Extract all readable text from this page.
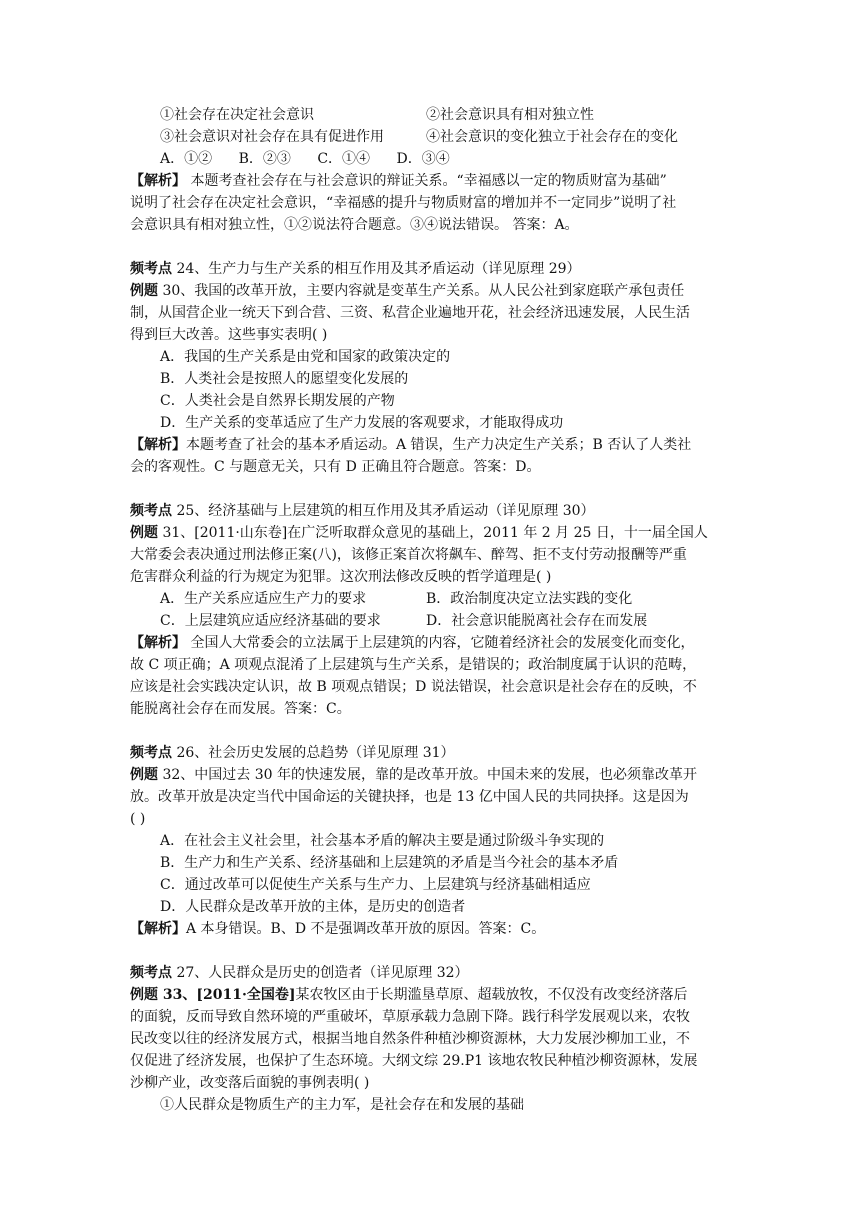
①社会存在决定社会意识	②社会意识具有相对独立性
③社会意识对社会存在具有促进作用	④社会意识的变化独立于社会存在的变化
A．①② B．②③ C．①④ D．③④
【解析】 本题考查社会存在与社会意识的辩证关系。“幸福感以一定的物质财富为基础”
说明了社会存在决定社会意识，“幸福感的提升与物质财富的增加并不一定同步”说明了社
会意识具有相对独立性，①②说法符合题意。③④说法错误。 答案：A。
频考点 24、生产力与生产关系的相互作用及其矛盾运动（详见原理 29）
例题 30、我国的改革开放，主要内容就是变革生产关系。从人民公社到家庭联产承包责任
制，从国营企业一统天下到合营、三资、私营企业遍地开花，社会经济迅速发展，人民生活
得到巨大改善。这些事实表明( )
A．我国的生产关系是由党和国家的政策决定的
B．人类社会是按照人的愿望变化发展的
C．人类社会是自然界长期发展的产物
D．生产关系的变革适应了生产力发展的客观要求，才能取得成功
【解析】本题考查了社会的基本矛盾运动。A 错误，生产力决定生产关系；B 否认了人类社
会的客观性。C 与题意无关，只有 D 正确且符合题意。答案：D。
频考点 25、经济基础与上层建筑的相互作用及其矛盾运动（详见原理 30）
例题 31、[2011·山东卷]在广泛听取群众意见的基础上，2011 年 2 月 25 日，十一届全国人
大常委会表决通过刑法修正案(八)，该修正案首次将飙车、醉驾、拒不支付劳动报酬等严重
危害群众利益的行为规定为犯罪。这次刑法修改反映的哲学道理是( )
A．生产关系应适应生产力的要求	B．政治制度决定立法实践的变化
C．上层建筑应适应经济基础的要求	D．社会意识能脱离社会存在而发展
【解析】 全国人大常委会的立法属于上层建筑的内容，它随着经济社会的发展变化而变化，
故 C 项正确；A 项观点混淆了上层建筑与生产关系，是错误的；政治制度属于认识的范畴，
应该是社会实践决定认识，故 B 项观点错误；D 说法错误，社会意识是社会存在的反映，不
能脱离社会存在而发展。答案：C。
频考点 26、社会历史发展的总趋势（详见原理 31）
例题 32、中国过去 30 年的快速发展，靠的是改革开放。中国未来的发展，也必须靠改革开
放。改革开放是决定当代中国命运的关键抉择，也是 13 亿中国人民的共同抉择。这是因为
( )
A．在社会主义社会里，社会基本矛盾的解决主要是通过阶级斗争实现的
B．生产力和生产关系、经济基础和上层建筑的矛盾是当今社会的基本矛盾
C．通过改革可以促使生产关系与生产力、上层建筑与经济基础相适应
D．人民群众是改革开放的主体，是历史的创造者
【解析】A 本身错误。B、D 不是强调改革开放的原因。答案：C。
频考点 27、人民群众是历史的创造者（详见原理 32）
例题 33、[2011·全国卷]某农牧区由于长期滥垦草原、超载放牧，不仅没有改变经济落后
的面貌，反而导致自然环境的严重破坏，草原承载力急剧下降。践行科学发展观以来，农牧
民改变以往的经济发展方式，根据当地自然条件种植沙柳资源林，大力发展沙柳加工业，不
仅促进了经济发展，也保护了生态环境。大纲文综 29.P1 该地农牧民种植沙柳资源林，发展
沙柳产业，改变落后面貌的事例表明( )
①人民群众是物质生产的主力军，是社会存在和发展的基础
